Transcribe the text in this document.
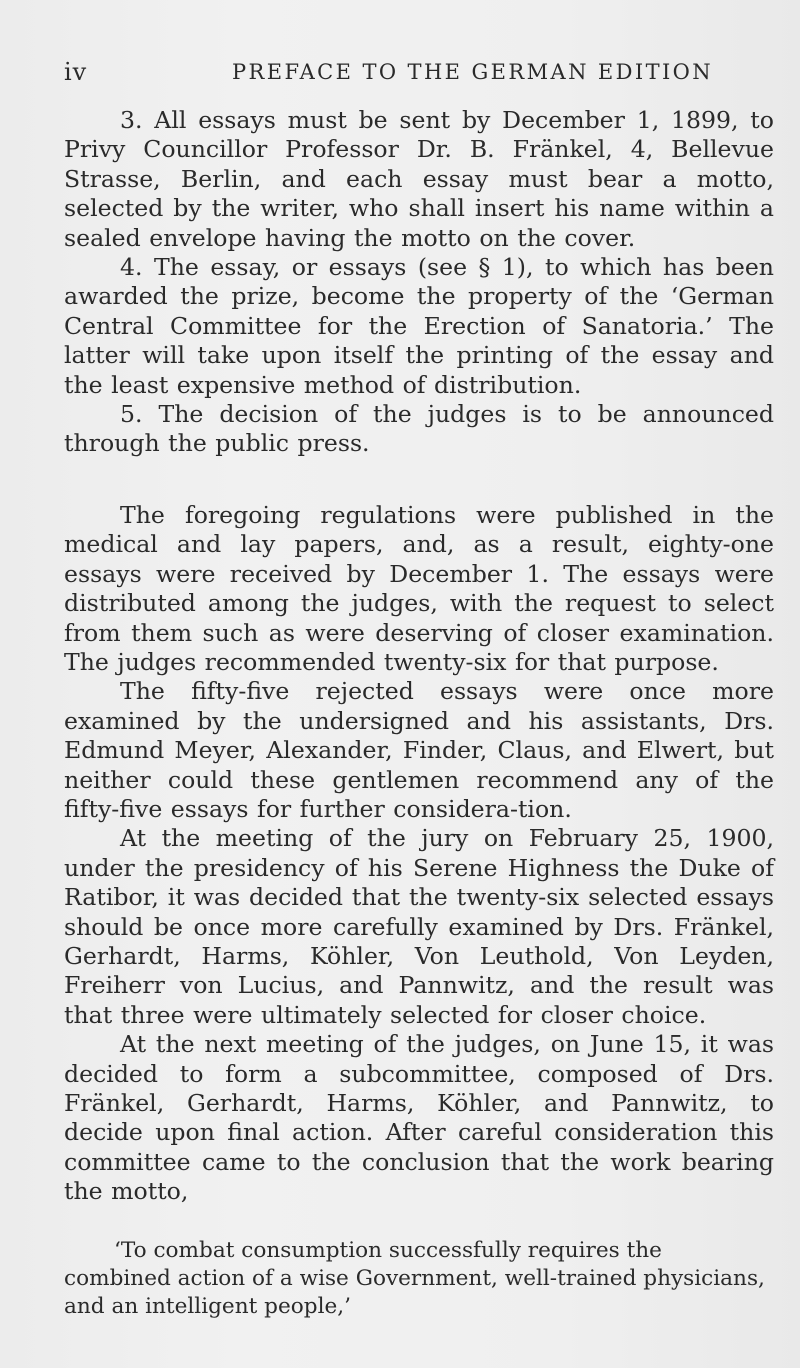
iv	PREFACE TO THE GERMAN EDITION

3. All essays must be sent by December 1, 1899, to Privy Councillor Professor Dr. B. Fränkel, 4, Bellevue Strasse, Berlin, and each essay must bear a motto, selected by the writer, who shall insert his name within a sealed envelope having the motto on the cover.

4. The essay, or essays (see § 1), to which has been awarded the prize, become the property of the ‘German Central Committee for the Erection of Sanatoria.’ The latter will take upon itself the printing of the essay and the least expensive method of distribution.

5. The decision of the judges is to be announced through the public press.

The foregoing regulations were published in the medical and lay papers, and, as a result, eighty-one essays were received by December 1. The essays were distributed among the judges, with the request to select from them such as were deserving of closer examination. The judges recommended twenty-six for that purpose.

The fifty-five rejected essays were once more examined by the undersigned and his assistants, Drs. Edmund Meyer, Alexander, Finder, Claus, and Elwert, but neither could these gentlemen recommend any of the fifty-five essays for further considera-tion.

At the meeting of the jury on February 25, 1900, under the presidency of his Serene Highness the Duke of Ratibor, it was decided that the twenty-six selected essays should be once more carefully examined by Drs. Fränkel, Gerhardt, Harms, Köhler, Von Leuthold, Von Leyden, Freiherr von Lucius, and Pannwitz, and the result was that three were ultimately selected for closer choice.

At the next meeting of the judges, on June 15, it was decided to form a subcommittee, composed of Drs. Fränkel, Gerhardt, Harms, Köhler, and Pannwitz, to decide upon final action. After careful consideration this committee came to the conclusion that the work bearing the motto,

‘To combat consumption successfully requires the combined action of a wise Government, well-trained physicians, and an intelligent people,’
